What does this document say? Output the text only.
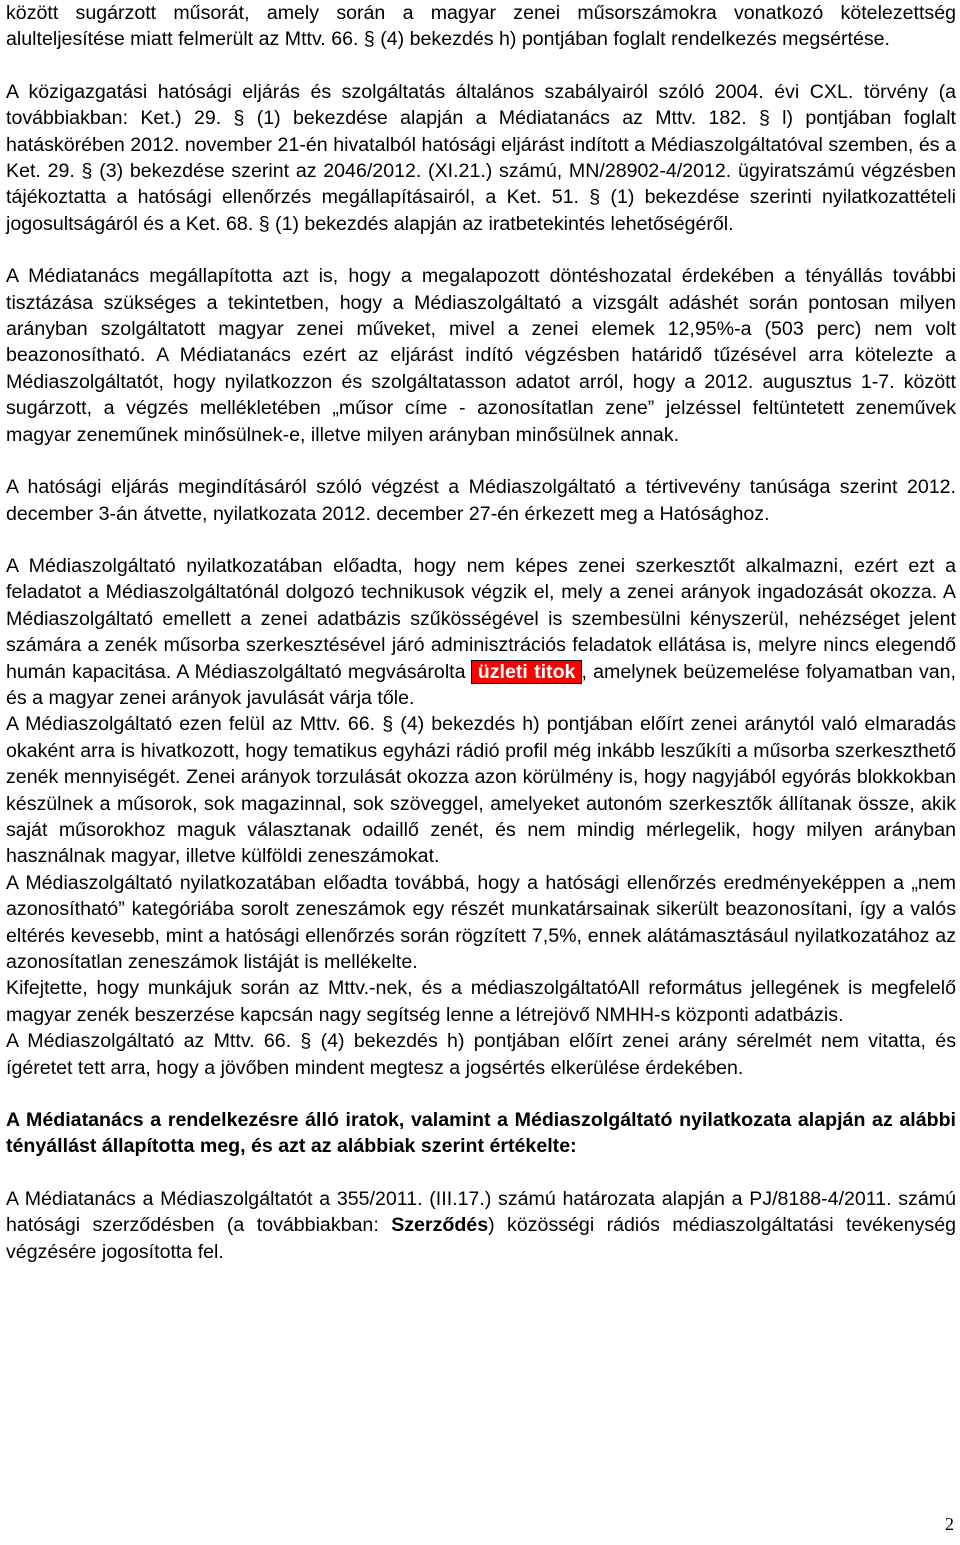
között sugárzott műsorát, amely során a magyar zenei műsorszámokra vonatkozó kötelezettség alulteljesítése miatt felmerült az Mttv. 66. § (4) bekezdés h) pontjában foglalt rendelkezés megsértése.

A közigazgatási hatósági eljárás és szolgáltatás általános szabályairól szóló 2004. évi CXL. törvény (a továbbiakban: Ket.) 29. § (1) bekezdése alapján a Médiatanács az Mttv. 182. § l) pontjában foglalt hatáskörében 2012. november 21-én hivatalból hatósági eljárást indított a Médiaszolgáltatóval szemben, és a Ket. 29. § (3) bekezdése szerint az 2046/2012. (XI.21.) számú, MN/28902-4/2012. ügyiratszámú végzésben tájékoztatta a hatósági ellenőrzés megállapításairól, a Ket. 51. § (1) bekezdése szerinti nyilatkozattételi jogosultságáról és a Ket. 68. § (1) bekezdés alapján az iratbetekintés lehetőségéről.

A Médiatanács megállapította azt is, hogy a megalapozott döntéshozatal érdekében a tényállás további tisztázása szükséges a tekintetben, hogy a Médiaszolgáltató a vizsgált adáshét során pontosan milyen arányban szolgáltatott magyar zenei műveket, mivel a zenei elemek 12,95%-a (503 perc) nem volt beazonosítható. A Médiatanács ezért az eljárást indító végzésben határidő tűzésével arra kötelezte a Médiaszolgáltatót, hogy nyilatkozzon és szolgáltatasson adatot arról, hogy a 2012. augusztus 1-7. között sugárzott, a végzés mellékletében „műsor címe - azonosítatlan zene” jelzéssel feltüntetett zeneművek magyar zeneműnek minősülnek-e, illetve milyen arányban minősülnek annak.

A hatósági eljárás megindításáról szóló végzést a Médiaszolgáltató a tértivevény tanúsága szerint 2012. december 3-án átvette, nyilatkozata 2012. december 27-én érkezett meg a Hatósághoz.

A Médiaszolgáltató nyilatkozatában előadta, hogy nem képes zenei szerkesztőt alkalmazni, ezért ezt a feladatot a Médiaszolgáltatónál dolgozó technikusok végzik el, mely a zenei arányok ingadozását okozza. A Médiaszolgáltató emellett a zenei adatbázis szűkösségével is szembesülni kényszerül, nehézséget jelent számára a zenék műsorba szerkesztésével járó adminisztrációs feladatok ellátása is, melyre nincs elegendő humán kapacitása. A Médiaszolgáltató megvásárolta üzleti titok , amelynek beüzemelése folyamatban van, és a magyar zenei arányok javulását várja tőle.

A Médiaszolgáltató ezen felül az Mttv. 66. § (4) bekezdés h) pontjában előírt zenei aránytól való elmaradás okaként arra is hivatkozott, hogy tematikus egyházi rádió profil még inkább leszűkíti a műsorba szerkeszthető zenék mennyiségét. Zenei arányok torzulását okozza azon körülmény is, hogy nagyjából egyórás blokkokban készülnek a műsorok, sok magazinnal, sok szöveggel, amelyeket autonóm szerkesztők állítanak össze, akik saját műsorokhoz maguk választanak odaillő zenét, és nem mindig mérlegelik, hogy milyen arányban használnak magyar, illetve külföldi zeneszámokat.

A Médiaszolgáltató nyilatkozatában előadta továbbá, hogy a hatósági ellenőrzés eredményeképpen a „nem azonosítható” kategóriába sorolt zeneszámok egy részét munkatársainak sikerült beazonosítani, így a valós eltérés kevesebb, mint a hatósági ellenőrzés során rögzített 7,5%, ennek alátámasztásául nyilatkozatához az azonosítatlan zeneszámok listáját is mellékelte.

Kifejtette, hogy munkájuk során az Mttv.-nek, és a médiaszolgáltatóAll református jellegének is megfelelő magyar zenék beszerzése kapcsán nagy segítség lenne a létrejövő NMHH-s központi adatbázis.

A Médiaszolgáltató az Mttv. 66. § (4) bekezdés h) pontjában előírt zenei arány sérelmét nem vitatta, és ígéretet tett arra, hogy a jövőben mindent megtesz a jogsértés elkerülése érdekében.

A Médiatanács a rendelkezésre álló iratok, valamint a Médiaszolgáltató nyilatkozata alapján az alábbi tényállást állapította meg, és azt az alábbiak szerint értékelte:

A Médiatanács a Médiaszolgáltatót a 355/2011. (III.17.) számú határozata alapján a PJ/8188-4/2011. számú hatósági szerződésben (a továbbiakban: Szerződés) közösségi rádiós médiaszolgáltatási tevékenység végzésére jogosította fel.

2
